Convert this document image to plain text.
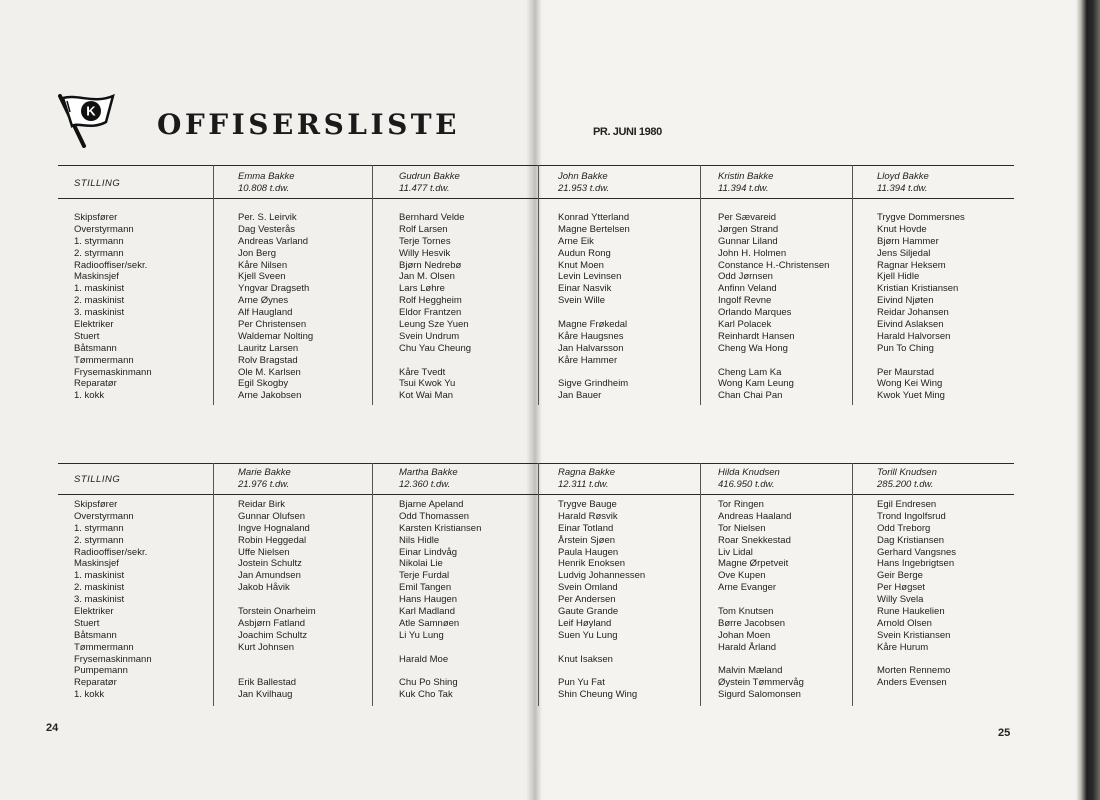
K OFFISERSLISTE	PR. JUNI 1980
STILLING
Emma Bakke
10.808 t.dw.
Gudrun Bakke
11.477 t.dw.
John Bakke
21.953 t.dw.
Kristin Bakke
11.394 t.dw.
Lloyd Bakke
11.394 t.dw.
Skipsfører
Overstyrmann
1. styrmann
2. styrmann
Radiooffiser/sekr.
Maskinsjef
1. maskinist
2. maskinist
3. maskinist
Elektriker
Stuert
Båtsmann
Tømmermann
Frysemaskinmann
Reparatør
1. kokk
Per. S. Leirvik
Dag Vesterås
Andreas Varland
Jon Berg
Kåre Nilsen
Kjell Sveen
Yngvar Dragseth
Arne Øynes
Alf Haugland
Per Christensen
Waldemar Nolting
Lauritz Larsen
Rolv Bragstad
Ole M. Karlsen
Egil Skogby
Arne Jakobsen
Bernhard Velde
Rolf Larsen
Terje Tornes
Willy Hesvik
Bjørn Nedrebø
Jan M. Olsen
Lars Løhre
Rolf Heggheim
Eldor Frantzen
Leung Sze Yuen
Svein Undrum
Chu Yau Cheung
Kåre Tvedt
Tsui Kwok Yu
Kot Wai Man
Konrad Ytterland
Magne Bertelsen
Arne Eik
Audun Rong
Knut Moen
Levin Levinsen
Einar Nasvik
Svein Wille
Magne Frøkedal
Kåre Haugsnes
Jan Halvarsson
Kåre Hammer
Sigve Grindheim
Jan Bauer
Per Sævareid
Jørgen Strand
Gunnar Liland
John H. Holmen
Constance H.-Christensen
Odd Jørnsen
Anfinn Veland
Ingolf Revne
Orlando Marques
Karl Polacek
Reinhardt Hansen
Cheng Wa Hong
Cheng Lam Ka
Wong Kam Leung
Chan Chai Pan
Trygve Dommersnes
Knut Hovde
Bjørn Hammer
Jens Siljedal
Ragnar Heksem
Kjell Hidle
Kristian Kristiansen
Eivind Njøten
Reidar Johansen
Eivind Aslaksen
Harald Halvorsen
Pun To Ching
Per Maurstad
Wong Kei Wing
Kwok Yuet Ming
STILLING
Marie Bakke
21.976 t.dw.
Martha Bakke
12.360 t.dw.
Ragna Bakke
12.311 t.dw.
Hilda Knudsen
416.950 t.dw.
Torill Knudsen
285.200 t.dw.
Skipsfører
Overstyrmann
1. styrmann
2. styrmann
Radiooffiser/sekr.
Maskinsjef
1. maskinist
2. maskinist
3. maskinist
Elektriker
Stuert
Båtsmann
Tømmermann
Frysemaskinmann
Pumpemann
Reparatør
1. kokk
Reidar Birk
Gunnar Olufsen
Ingve Hognaland
Robin Heggedal
Uffe Nielsen
Jostein Schultz
Jan Amundsen
Jakob Håvik
Torstein Onarheim
Asbjørn Fatland
Joachim Schultz
Kurt Johnsen
Erik Ballestad
Jan Kvilhaug
Bjarne Apeland
Odd Thomassen
Karsten Kristiansen
Nils Hidle
Einar Lindvåg
Nikolai Lie
Terje Furdal
Emil Tangen
Hans Haugen
Karl Madland
Atle Samnøen
Li Yu Lung
Harald Moe
Chu Po Shing
Kuk Cho Tak
Trygve Bauge
Harald Røsvik
Einar Totland
Årstein Sjøen
Paula Haugen
Henrik Enoksen
Ludvig Johannessen
Svein Omland
Per Andersen
Gaute Grande
Leif Høyland
Suen Yu Lung
Knut Isaksen
Pun Yu Fat
Shin Cheung Wing
Tor Ringen
Andreas Haaland
Tor Nielsen
Roar Snekkestad
Liv Lidal
Magne Ørpetveit
Ove Kupen
Arne Evanger
Tom Knutsen
Børre Jacobsen
Johan Moen
Harald Årland
Malvin Mæland
Øystein Tømmervåg
Sigurd Salomonsen
Egil Endresen
Trond Ingolfsrud
Odd Treborg
Dag Kristiansen
Gerhard Vangsnes
Hans Ingebrigtsen
Geir Berge
Per Høgset
Willy Svela
Rune Haukelien
Arnold Olsen
Svein Kristiansen
Kåre Hurum
Morten Rennemo
Anders Evensen
24	25
